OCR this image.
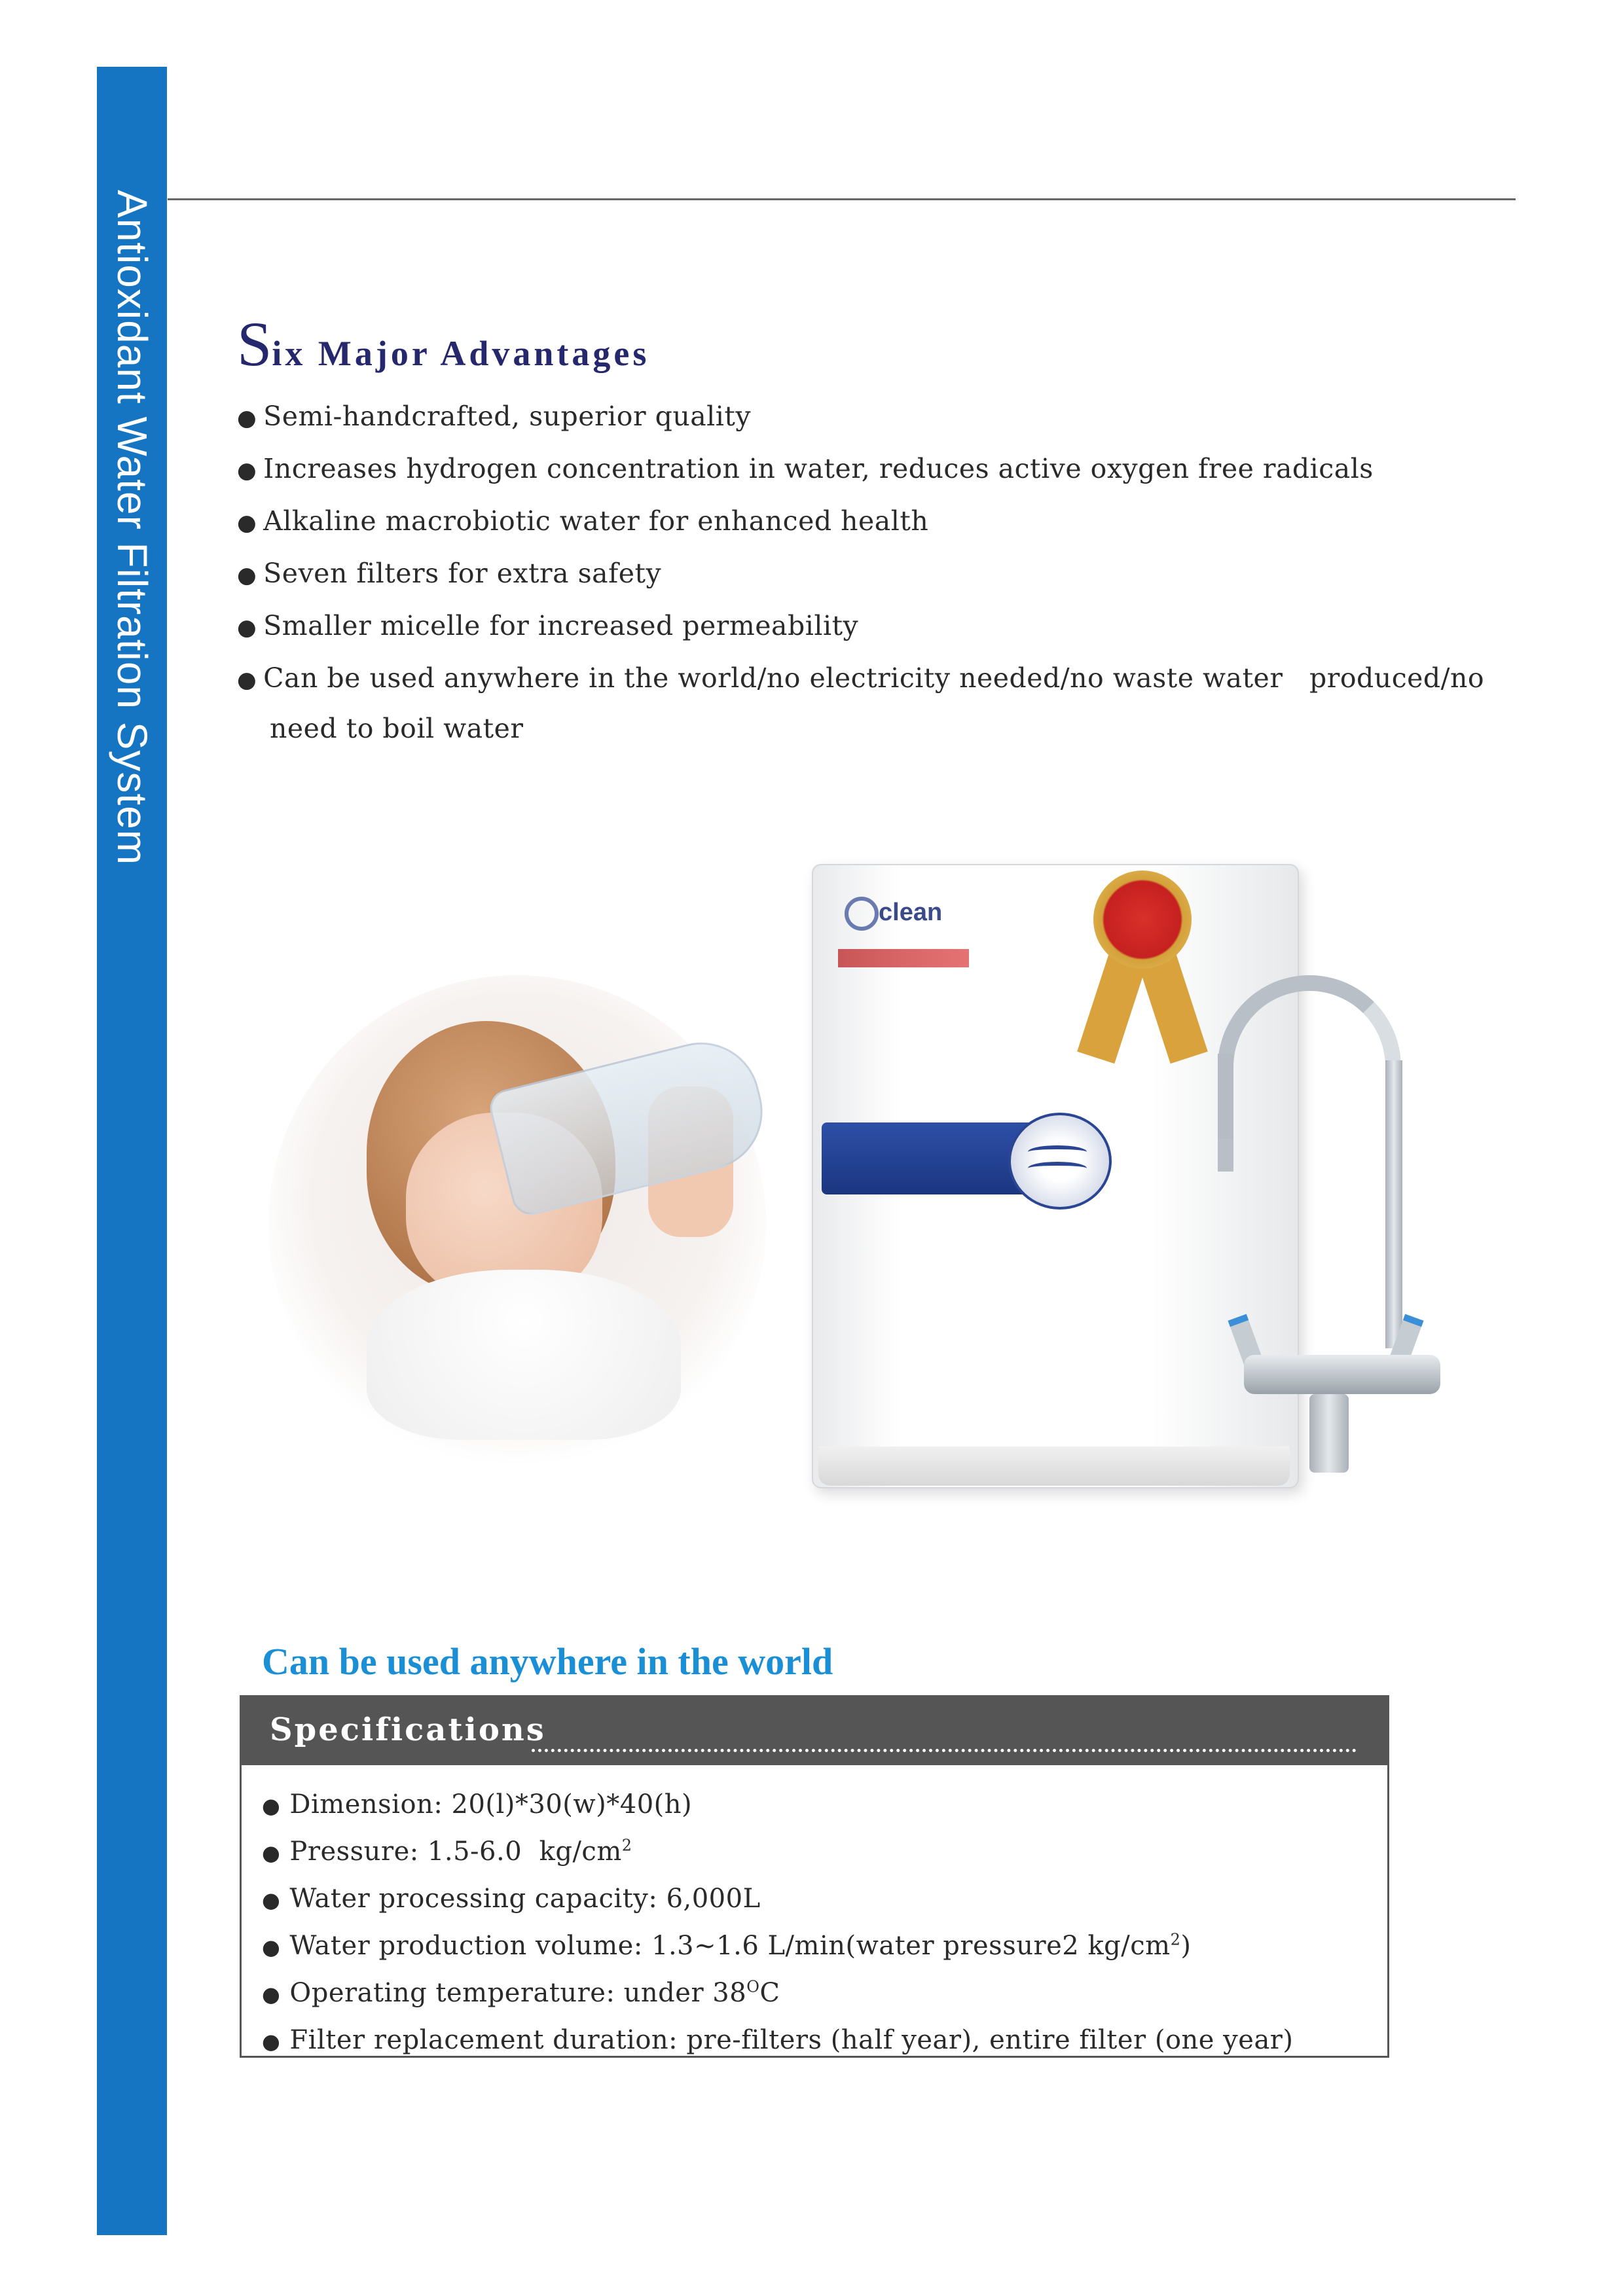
Antioxidant Water Filtration System Six Major Advantages
● Semi-handcrafted, superior quality
● Increases hydrogen concentration in water, reduces active oxygen free radicals
● Alkaline macrobiotic water for enhanced health
● Seven filters for extra safety
● Smaller micelle for increased permeability
● Can be used anywhere in the world/no electricity needed/no waste water   produced/no
need to boil water
clean
Can be used anywhere in the world
Specifications
● Dimension: 20(l)*30(w)*40(h)
● Pressure: 1.5-6.0  $kg/cm^2$
● Water processing capacity: 6,000L
● Water production volume: 1.3~1.6 L/min(water pressure2 $kg/cm^2$)
● Operating temperature: under $38^OC$
● Filter replacement duration: pre-filters (half year), entire filter (one year)
